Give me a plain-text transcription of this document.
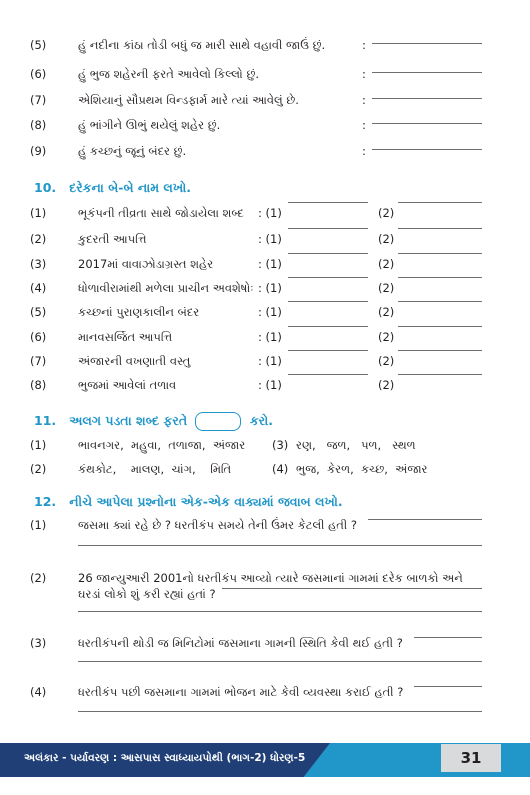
(5)	હું નદીના કાંઠા તોડી બધું જ મારી સાથે વહાવી જાઉં છું.	:
(6)	હું ભુજ શહેરની ફરતે આવેલો કિલ્લો છું.	:
(7)	એશિયાનું સૌપ્રથમ વિન્ડફાર્મ મારે ત્યાં આવેલું છે.	:
(8)	હું ભાંગીને ઊભું થયેલું શહેર છું.	:
(9)	હું કચ્છનું જૂનું બંદર છું.	:
10. દરેકના બે-બે નામ લખો.
(1)	ભૂકંપની તીવ્રતા સાથે જોડાયેલા શબ્દ : (1)	(2)
(2)	કુદરતી આપત્તિ	: (1)	(2)
(3)	2017માં વાવાઝોડાગ્રસ્ત શહેર	: (1)	(2)
(4)	ધોળાવીરામાંથી મળેલા પ્રાચીન અવશેષોઃ : (1)	(2)
(5)	કચ્છનાં પુરાણકાલીન બંદર	: (1)	(2)
(6)	માનવસર્જિત આપત્તિ	: (1)	(2)
(7)	અંજારની વખણાતી વસ્તુ	: (1)	(2)
(8)	ભુજમાં આવેલાં તળાવ	: (1)	(2)
11. અલગ પડતા શબ્દ ફરતે	કરો.
(1)	ભાવનગર,  મહુવા,  તળાજા,  અંજાર (3) રણ,   જળ,   પળ,   સ્થળ
(2)	કંથકોટ,    માલણ,  ચાંગ,    મિતિ	(4) ભુજ,  કેરળ,  કચ્છ,  અંજાર
12. નીચે આપેલા પ્રશ્નોના એક-એક વાક્યમાં જવાબ લખો.
(1)	જસમા ક્યાં રહે છે ? ધરતીકંપ સમયે તેની ઉંમર કેટલી હતી ?
(2)	26 જાન્યુઆરી 2001નો ધરતીકંપ આવ્યો ત્યારે જસમાનાં ગામમાં દરેક બાળકો અને
ઘરડાં લોકો શું કરી રહ્યાં હતાં ?
(3)	ધરતીકંપની થોડી જ મિનિટોમાં જસમાના ગામની સ્થિતિ કેવી થઈ હતી ?
(4)	ધરતીકંપ પછી જસમાના ગામમાં ભોજન માટે કેવી વ્યવસ્થા કરાઈ હતી ?
અલંકાર - પર્યાવરણ : આસપાસ સ્વાધ્યાયપોથી (ભાગ-2) ધોરણ-5	31
